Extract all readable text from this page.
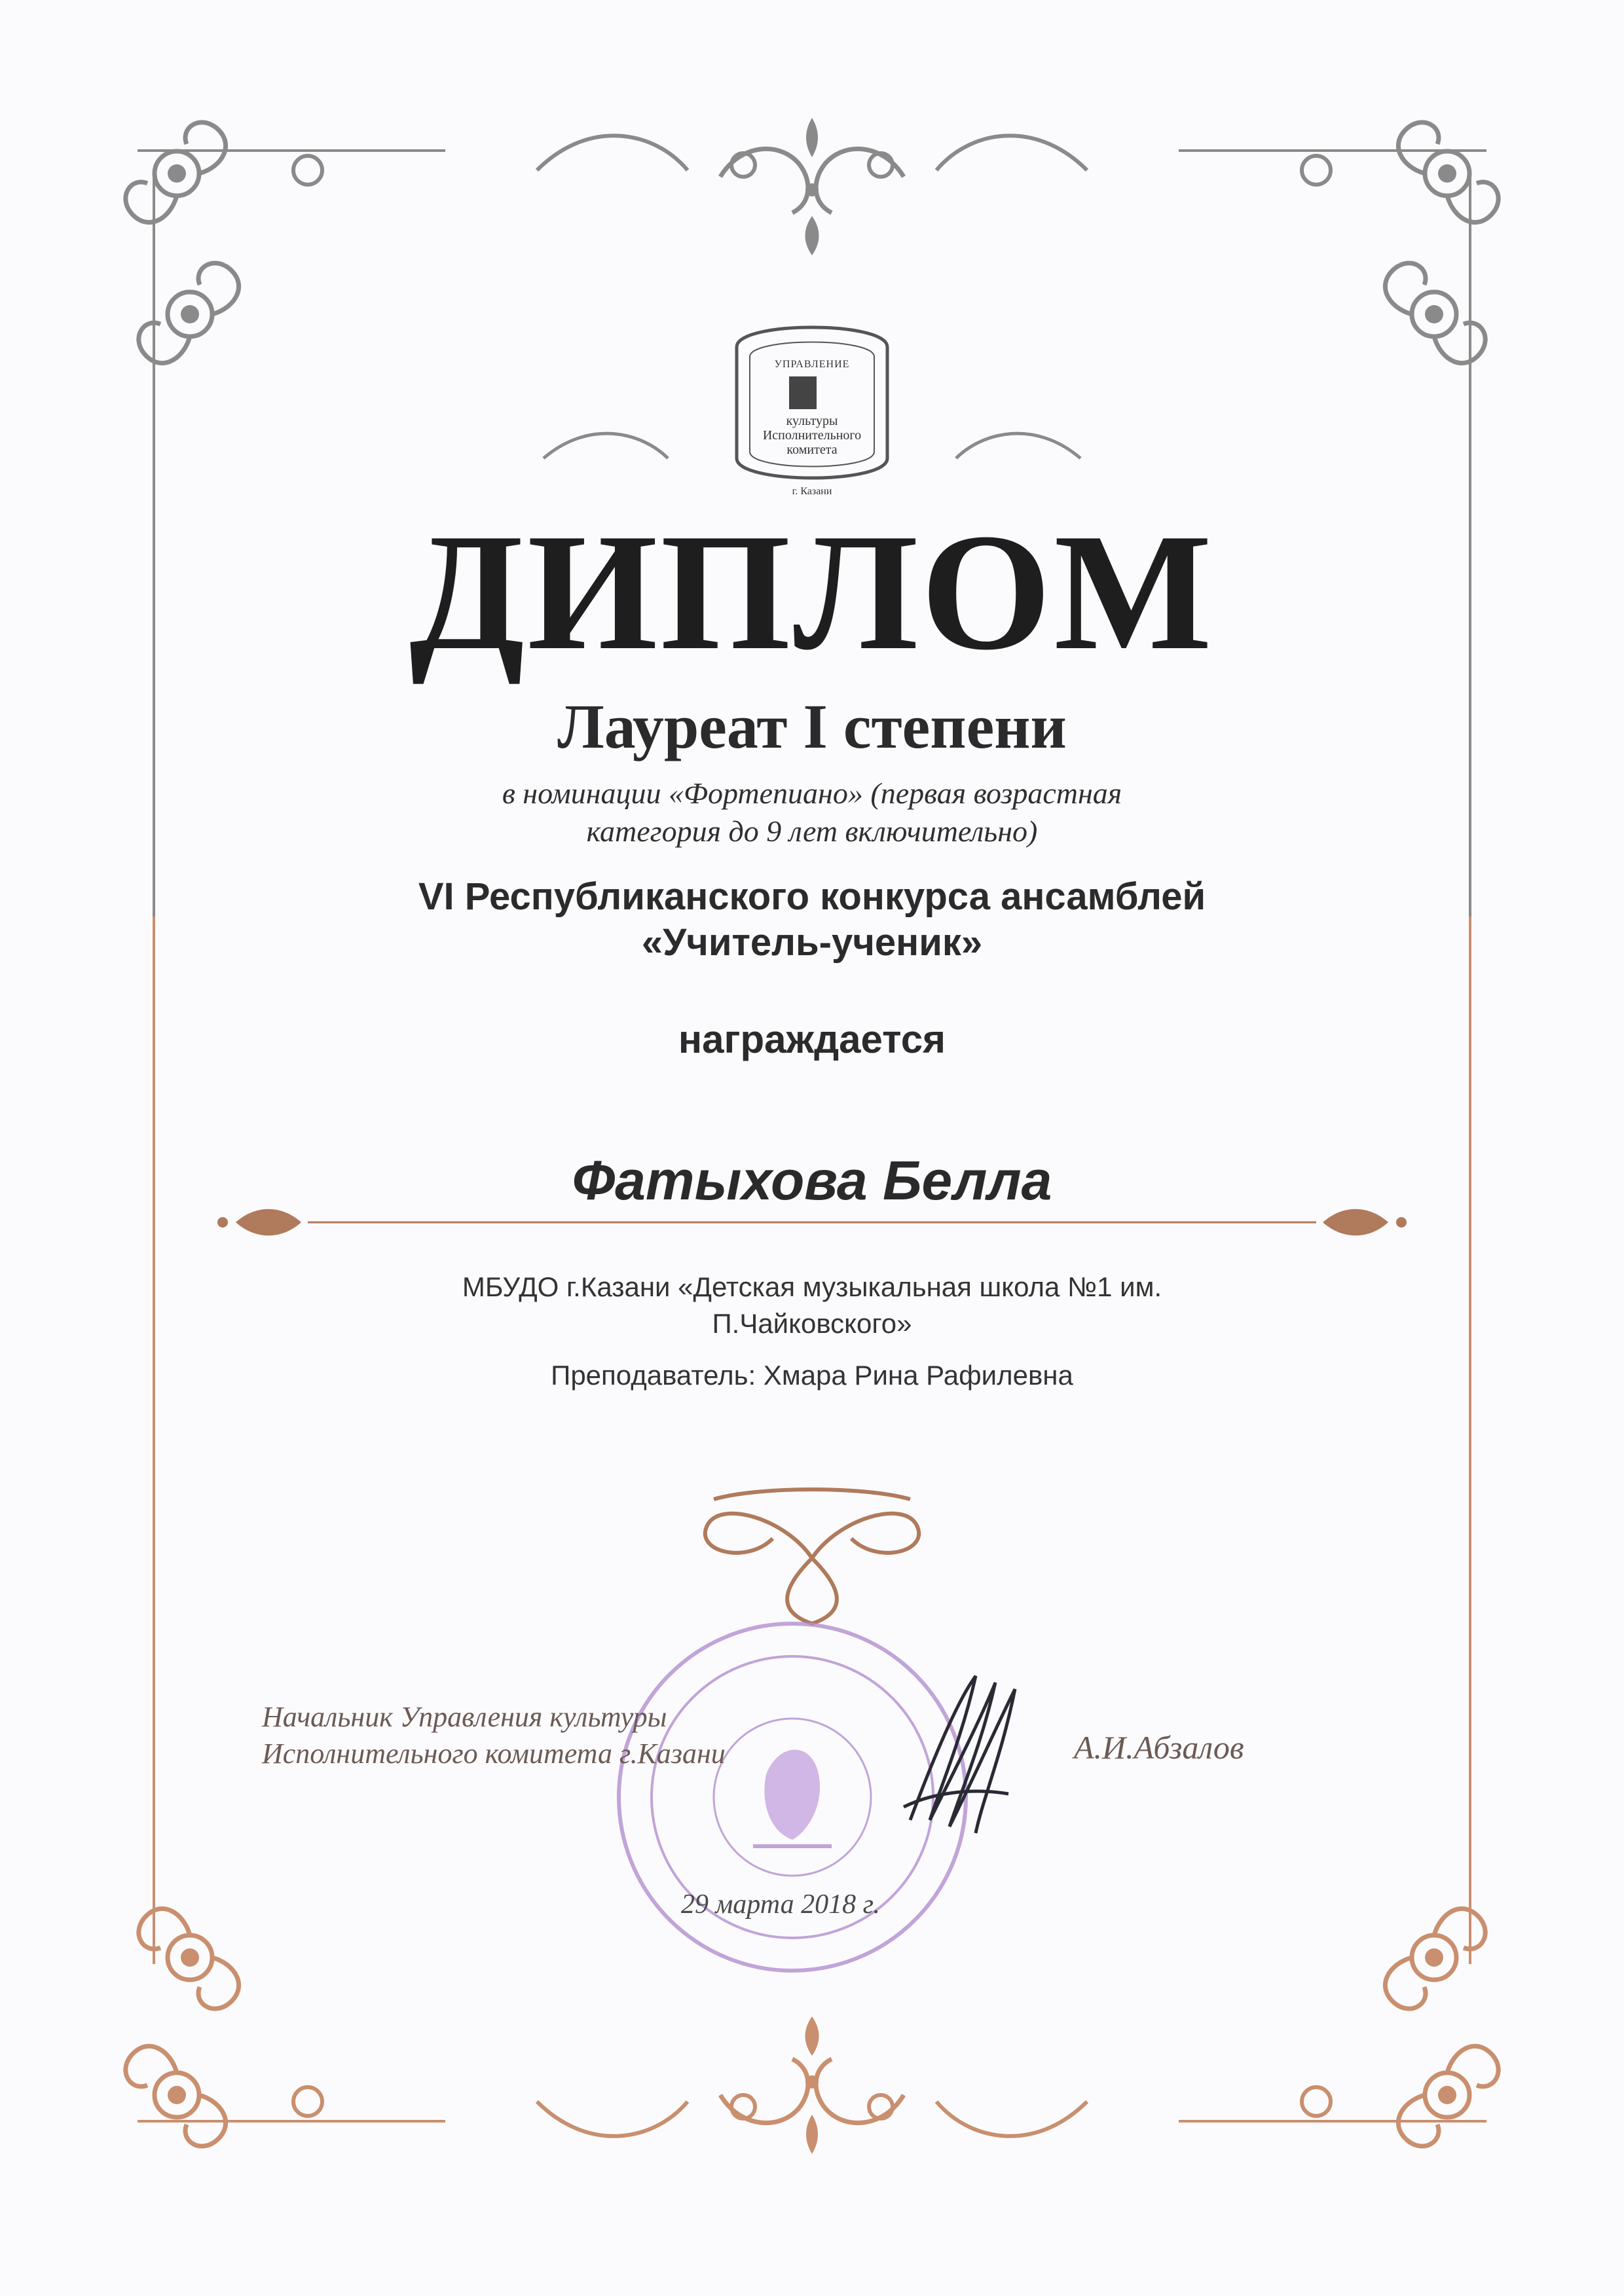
УПРАВЛЕНИЕ
культуры
Исполнительного
комитета
г. Казани
ДИПЛОМ
Лауреат I степени
в номинации «Фортепиано» (первая возрастная
категория до 9 лет включительно)
VI Республиканского конкурса ансамблей
«Учитель-ученик»
награждается
Фатыхова Белла
МБУДО г.Казани «Детская музыкальная школа №1 им.
П.Чайковского»
Преподаватель: Хмара Рина Рафилевна
Начальник Управления культуры
Исполнительного комитета г.Казани	А.И.Абзалов
29 марта 2018 г.
